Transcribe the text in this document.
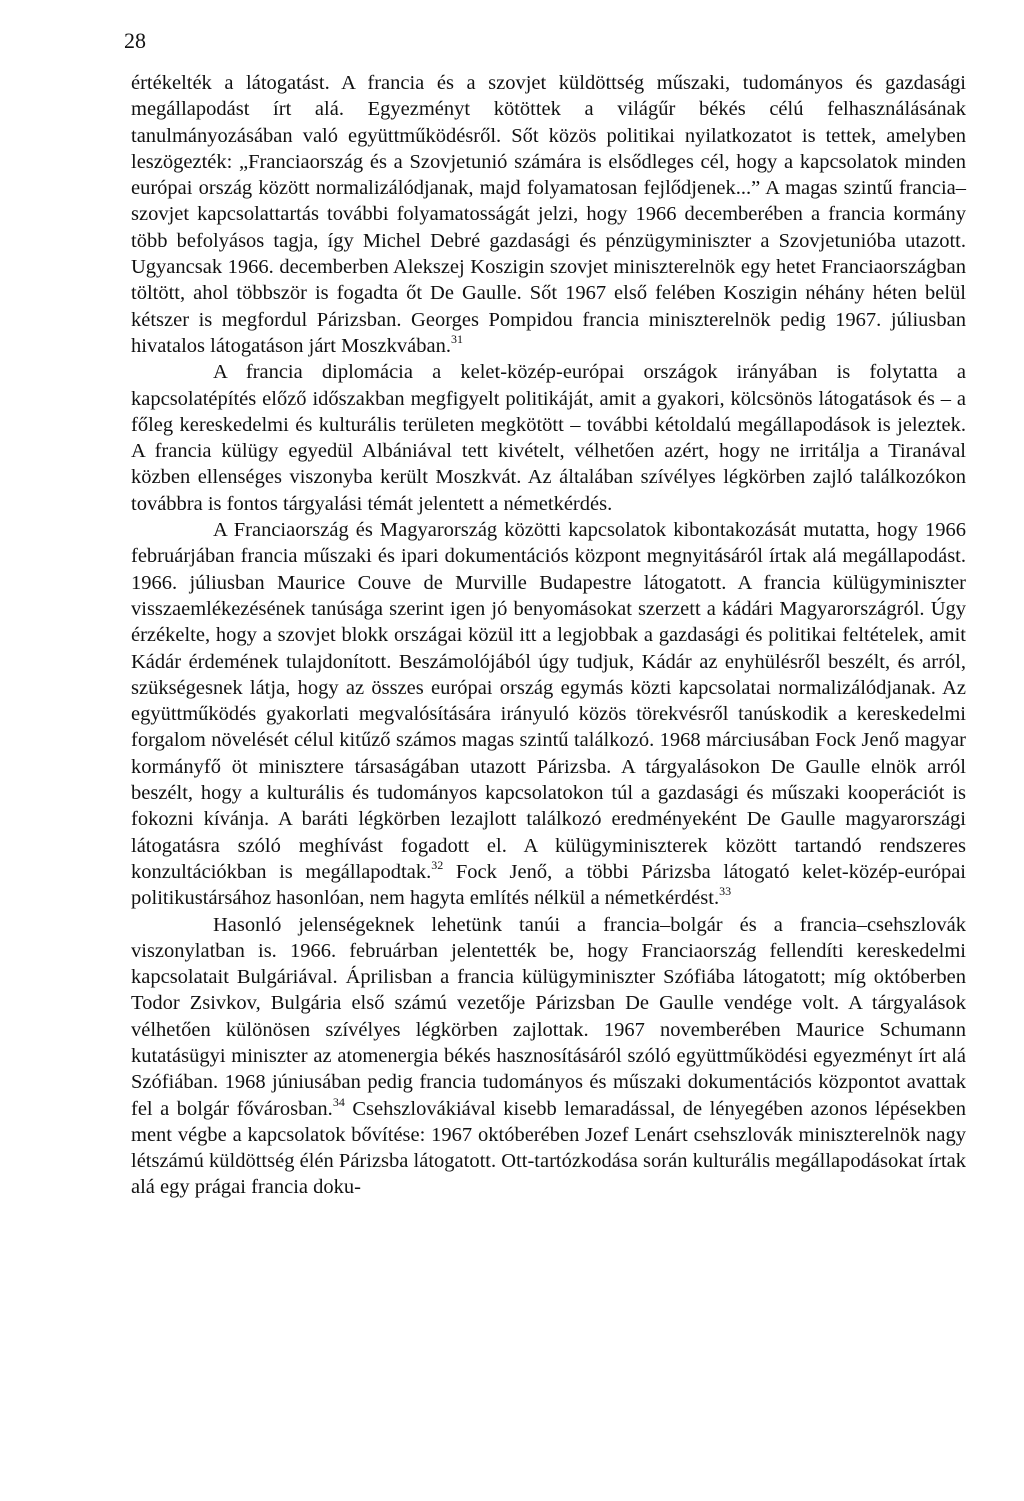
28

értékelték a látogatást. A francia és a szovjet küldöttség műszaki, tudományos és gazdasági megállapodást írt alá. Egyezményt kötöttek a világűr békés célú felhasználásának tanulmányozásában való együttműködésről. Sőt közös politikai nyilatkozatot is tettek, amelyben leszögezték: „Franciaország és a Szovjetunió számára is elsődleges cél, hogy a kapcsolatok minden európai ország között normalizálódjanak, majd folyamatosan fejlődjenek...” A magas szintű francia–szovjet kapcsolattartás további folyamatosságát jelzi, hogy 1966 decemberében a francia kormány több befolyásos tagja, így Michel Debré gazdasági és pénzügyminiszter a Szovjetunióba utazott. Ugyancsak 1966. decemberben Alekszej Koszigin szovjet miniszterelnök egy hetet Franciaországban töltött, ahol többször is fogadta őt De Gaulle. Sőt 1967 első felében Koszigin néhány héten belül kétszer is megfordul Párizsban. Georges Pompidou francia miniszterelnök pedig 1967. júliusban hivatalos látogatáson járt Moszkvában.$^{31}$

A francia diplomácia a kelet-közép-európai országok irányában is folytatta a kapcsolatépítés előző időszakban megfigyelt politikáját, amit a gyakori, kölcsönös látogatások és – a főleg kereskedelmi és kulturális területen megkötött – további kétoldalú megállapodások is jeleztek. A francia külügy egyedül Albániával tett kivételt, vélhetően azért, hogy ne irritálja a Tiranával közben ellenséges viszonyba került Moszkvát. Az általában szívélyes légkörben zajló találkozókon továbbra is fontos tárgyalási témát jelentett a németkérdés.

A Franciaország és Magyarország közötti kapcsolatok kibontakozását mutatta, hogy 1966 februárjában francia műszaki és ipari dokumentációs központ megnyitásáról írtak alá megállapodást. 1966. júliusban Maurice Couve de Murville Budapestre látogatott. A francia külügyminiszter visszaemlékezésének tanúsága szerint igen jó benyomásokat szerzett a kádári Magyarországról. Úgy érzékelte, hogy a szovjet blokk országai közül itt a legjobbak a gazdasági és politikai feltételek, amit Kádár érdemének tulajdonított. Beszámolójából úgy tudjuk, Kádár az enyhülésről beszélt, és arról, szükségesnek látja, hogy az összes európai ország egymás közti kapcsolatai normalizálódjanak. Az együttműködés gyakorlati megvalósítására irányuló közös törekvésről tanúskodik a kereskedelmi forgalom növelését célul kitűző számos magas szintű találkozó. 1968 márciusában Fock Jenő magyar kormányfő öt minisztere társaságában utazott Párizsba. A tárgyalásokon De Gaulle elnök arról beszélt, hogy a kulturális és tudományos kapcsolatokon túl a gazdasági és műszaki kooperációt is fokozni kívánja. A baráti légkörben lezajlott találkozó eredményeként De Gaulle magyarországi látogatásra szóló meghívást fogadott el. A külügyminiszterek között tartandó rendszeres konzultációkban is megállapodtak.$^{32}$ Fock Jenő, a többi Párizsba látogató kelet-közép-európai politikustársához hasonlóan, nem hagyta említés nélkül a németkérdést.$^{33}$

Hasonló jelenségeknek lehetünk tanúi a francia–bolgár és a francia–csehszlovák viszonylatban is. 1966. februárban jelentették be, hogy Franciaország fellendíti kereskedelmi kapcsolatait Bulgáriával. Áprilisban a francia külügyminiszter Szófiába látogatott; míg októberben Todor Zsivkov, Bulgária első számú vezetője Párizsban De Gaulle vendége volt. A tárgyalások vélhetően különösen szívélyes légkörben zajlottak. 1967 novemberében Maurice Schumann kutatásügyi miniszter az atomenergia békés hasznosításáról szóló együttműködési egyezményt írt alá Szófiában. 1968 júniusában pedig francia tudományos és műszaki dokumentációs központot avattak fel a bolgár fővárosban.$^{34}$ Csehszlovákiával kisebb lemaradással, de lényegében azonos lépésekben ment végbe a kapcsolatok bővítése: 1967 októberében Jozef Lenárt csehszlovák miniszterelnök nagy létszámú küldöttség élén Párizsba látogatott. Ott-tartózkodása során kulturális megállapodásokat írtak alá egy prágai francia doku-
